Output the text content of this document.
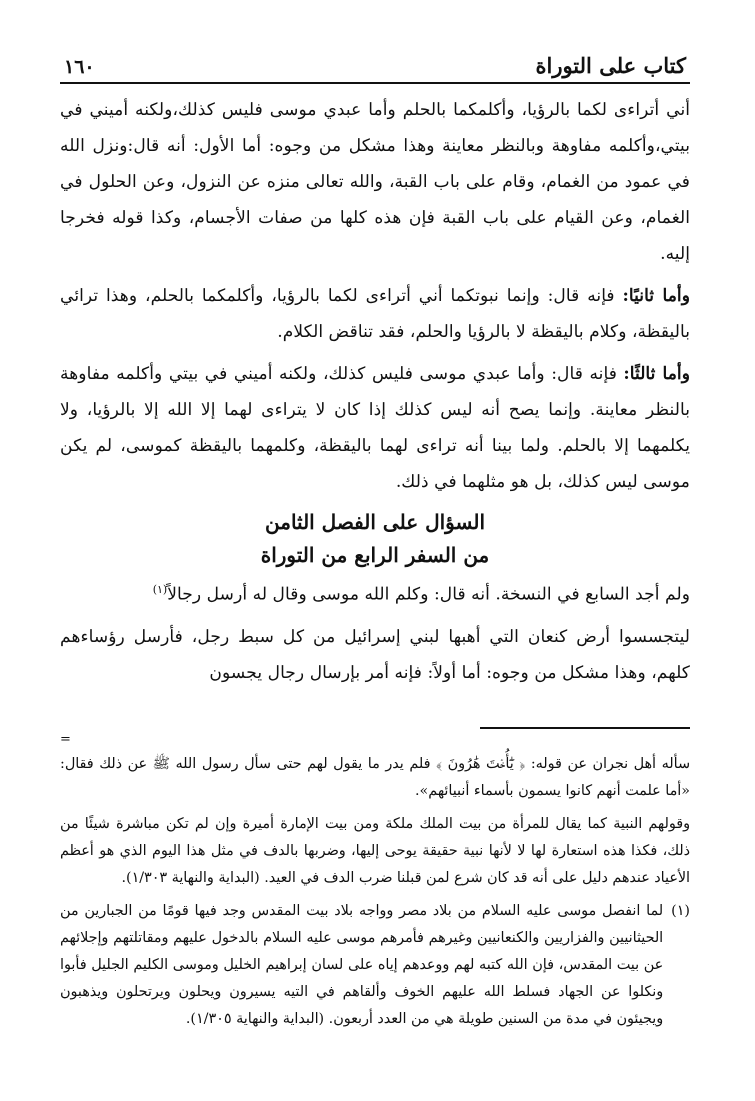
كتاب على التوراة
١٦٠

أني أتراءى لكما بالرؤيا، وأكلمكما بالحلم وأما عبدي موسى فليس كذلك،ولكنه أميني في بيتي،وأكلمه مفاوهة وبالنظر معاينة وهذا مشكل من وجوه: أما الأول: أنه قال:ونزل الله في عمود من الغمام، وقام على باب القبة، والله تعالى منزه عن النزول، وعن الحلول في الغمام، وعن القيام على باب القبة فإن هذه كلها من صفات الأجسام، وكذا قوله فخرجا إليه.

وأما ثانيًا: فإنه قال: وإنما نبوتكما أني أتراءى لكما بالرؤيا، وأكلمكما بالحلم، وهذا ترائي باليقظة، وكلام باليقظة لا بالرؤيا والحلم، فقد تناقض الكلام.

وأما ثالثًا: فإنه قال: وأما عبدي موسى فليس كذلك، ولكنه أميني في بيتي وأكلمه مفاوهة بالنظر معاينة. وإنما يصح أنه ليس كذلك إذا كان لا يتراءى لهما إلا الله إلا بالرؤيا، ولا يكلمهما إلا بالحلم. ولما بينا أنه تراءى لهما باليقظة، وكلمهما باليقظة كموسى، لم يكن موسى ليس كذلك، بل هو مثلهما في ذلك.

السؤال على الفصل الثامن
من السفر الرابع من التوراة

ولم أجد السابع في النسخة. أنه قال: وكلم الله موسى وقال له أرسل رجالاً$^{(١)}$

ليتجسسوا أرض كنعان التي أهبها لبني إسرائيل من كل سبط رجل، فأرسل رؤساءهم كلهم، وهذا مشكل من وجوه: أما أولاً: فإنه أمر بإرسال رجال يجسون

=

سأله أهل نجران عن قوله: ﴿ يَٰٓأُخۡتَ هَٰرُونَ ﴾ فلم يدر ما يقول لهم حتى سأل رسول الله ﷺ عن ذلك فقال: «أما علمت أنهم كانوا يسمون بأسماء أنبيائهم».

وقولهم النبية كما يقال للمرأة من بيت الملك ملكة ومن بيت الإمارة أميرة وإن لم تكن مباشرة شيئًا من ذلك، فكذا هذه استعارة لها لا لأنها نبية حقيقة يوحى إليها، وضربها بالدف في مثل هذا اليوم الذي هو أعظم الأعياد عندهم دليل على أنه قد كان شرع لمن قبلنا ضرب الدف في العيد. (البداية والنهاية ١/٣٠٣).

(١)

لما انفصل موسى عليه السلام من بلاد مصر وواجه بلاد بيت المقدس وجد فيها قومًا من الجبارين من الحيثانيين والفزاريين والكنعانيين وغيرهم فأمرهم موسى عليه السلام بالدخول عليهم ومقاتلتهم وإجلائهم عن بيت المقدس، فإن الله كتبه لهم ووعدهم إياه على لسان إبراهيم الخليل وموسى الكليم الجليل فأبوا ونكلوا عن الجهاد فسلط الله عليهم الخوف وألقاهم في التيه يسيرون ويحلون ويرتحلون ويذهبون ويجيئون في مدة من السنين طويلة هي من العدد أربعون. (البداية والنهاية ١/٣٠٥).
